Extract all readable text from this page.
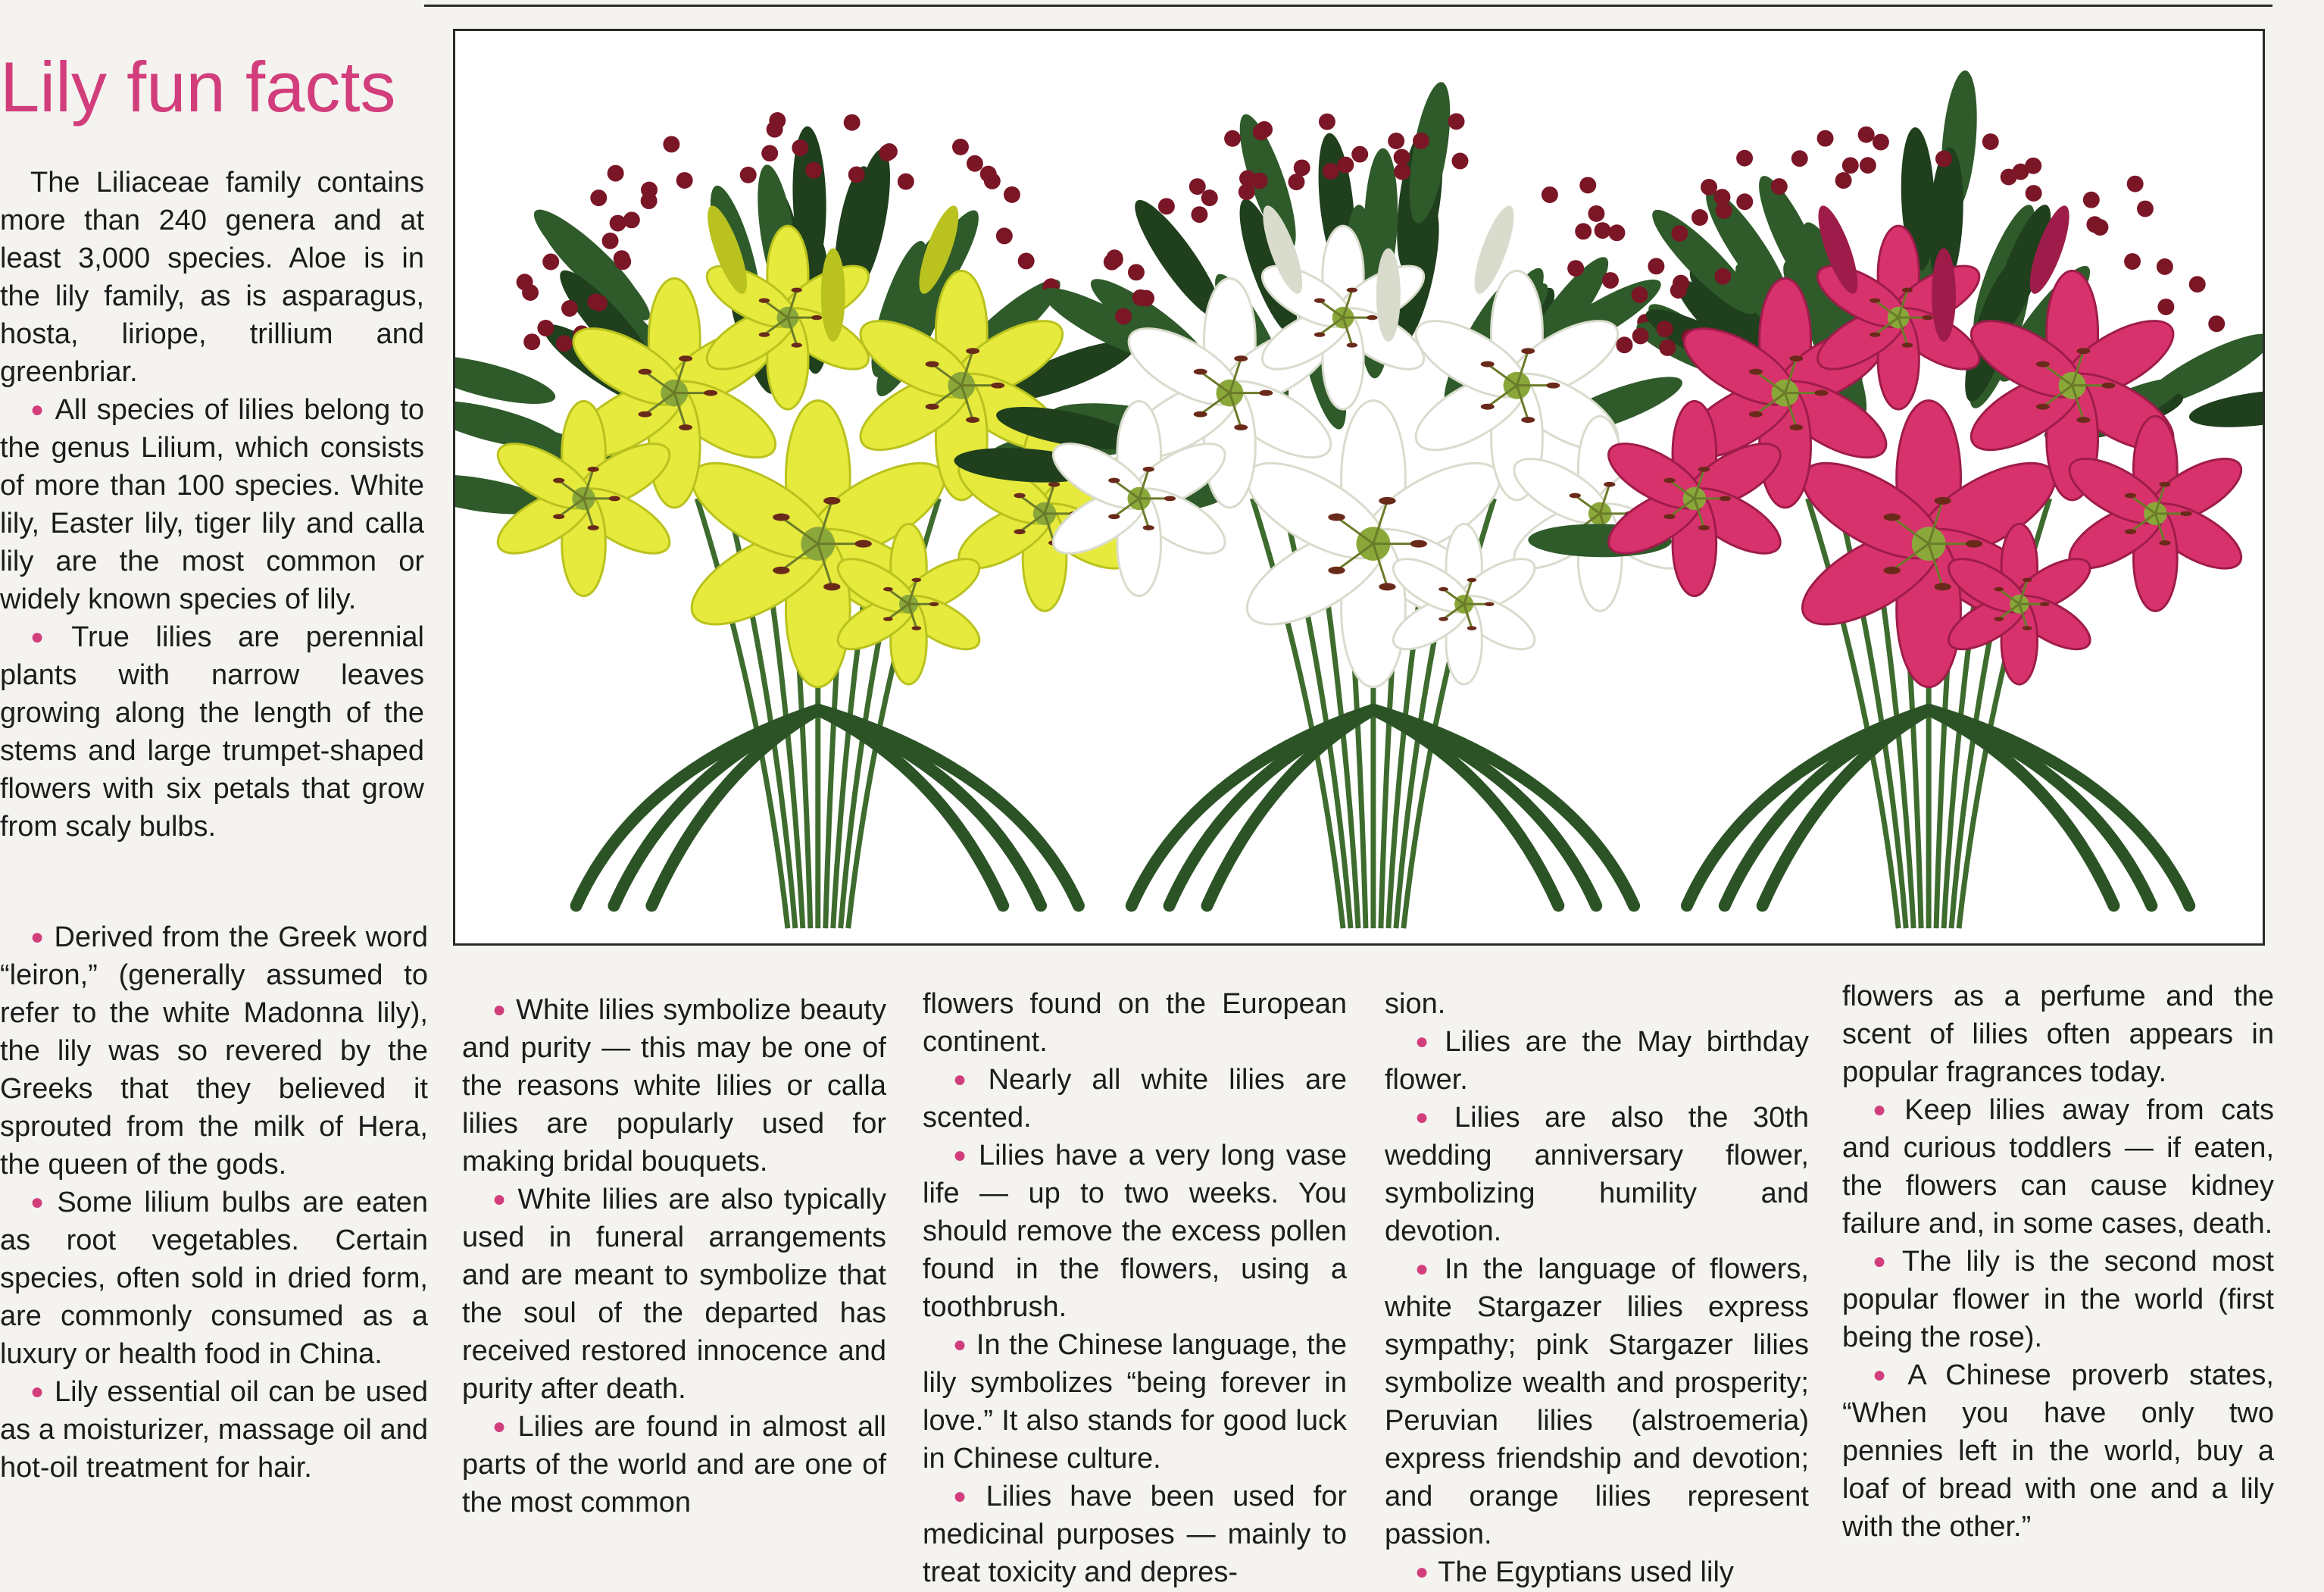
Lily fun facts

The Liliaceae family contains more than 240 genera and at least 3,000 species. Aloe is in the lily family, as is asparagus, hosta, liriope, trillium and greenbriar.

● All species of lilies belong to the genus Lilium, which consists of more than 100 species. White lily, Easter lily, tiger lily and calla lily are the most common or widely known species of lily.

● True lilies are perennial plants with narrow leaves growing along the length of the stems and large trumpet-shaped flowers with six petals that grow from scaly bulbs.

● Derived from the Greek word “leiron,” (generally assumed to refer to the white Madonna lily), the lily was so revered by the Greeks that they believed it sprouted from the milk of Hera, the queen of the gods.

● Some lilium bulbs are eaten as root vegetables. Certain species, often sold in dried form, are commonly consumed as a luxury or health food in China.

● Lily essential oil can be used as a moisturizer, massage oil and hot-oil treatment for hair.

● White lilies symbolize beauty and purity — this may be one of the reasons white lilies or calla lilies are popularly used for making bridal bouquets.

● White lilies are also typically used in funeral arrangements and are meant to symbolize that the soul of the departed has received restored innocence and purity after death.

● Lilies are found in almost all parts of the world and are one of the most common

flowers found on the European continent.

● Nearly all white lilies are scented.

● Lilies have a very long vase life — up to two weeks. You should remove the excess pollen found in the flowers, using a toothbrush.

● In the Chinese language, the lily symbolizes “being forever in love.” It also stands for good luck in Chinese culture.

● Lilies have been used for medicinal purposes — mainly to treat toxicity and depres-

sion.

● Lilies are the May birthday flower.

● Lilies are also the 30th wedding anniversary flower, symbolizing humility and devotion.

● In the language of flowers, white Stargazer lilies express sympathy; pink Stargazer lilies symbolize wealth and prosperity; Peruvian lilies (alstroemeria) express friendship and devotion; and orange lilies represent passion.

● The Egyptians used lily

flowers as a perfume and the scent of lilies often appears in popular fragrances today.

● Keep lilies away from cats and curious toddlers — if eaten, the flowers can cause kidney failure and, in some cases, death.

● The lily is the second most popular flower in the world (first being the rose).

● A Chinese proverb states, “When you have only two pennies left in the world, buy a loaf of bread with one and a lily with the other.”
